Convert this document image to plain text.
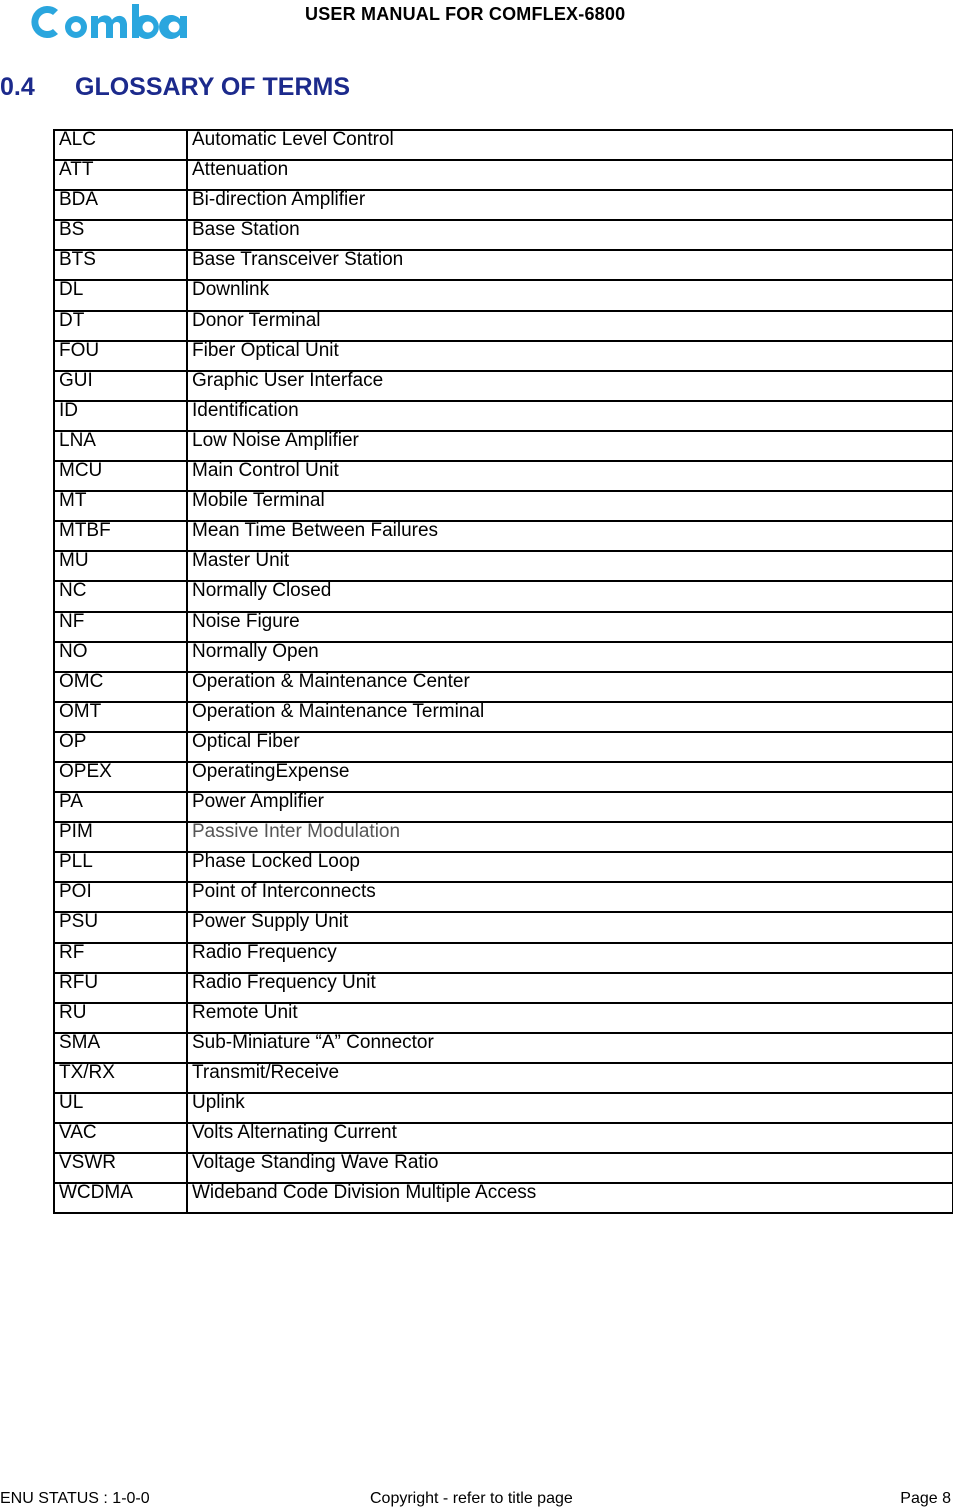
Comba
USER MANUAL FOR COMFLEX-6800
0.4 GLOSSARY OF TERMS
ALC	Automatic Level Control
ATT	Attenuation
BDA	Bi-direction Amplifier
BS	Base Station
BTS	Base Transceiver Station
DL	Downlink
DT	Donor Terminal
FOU	Fiber Optical Unit
GUI	Graphic User Interface
ID	Identification
LNA	Low Noise Amplifier
MCU	Main Control Unit
MT	Mobile Terminal
MTBF	Mean Time Between Failures
MU	Master Unit
NC	Normally Closed
NF	Noise Figure
NO	Normally Open
OMC	Operation & Maintenance Center
OMT	Operation & Maintenance Terminal
OP	Optical Fiber
OPEX	OperatingExpense
PA	Power Amplifier
PIM	Passive Inter Modulation
PLL	Phase Locked Loop
POI	Point of Interconnects
PSU	Power Supply Unit
RF	Radio Frequency
RFU	Radio Frequency Unit
RU	Remote Unit
SMA	Sub-Miniature “A” Connector
TX/RX	Transmit/Receive
UL	Uplink
VAC	Volts Alternating Current
VSWR	Voltage Standing Wave Ratio
WCDMA	Wideband Code Division Multiple Access
ENU STATUS : 1-0-0	Copyright - refer to title page	Page 8
